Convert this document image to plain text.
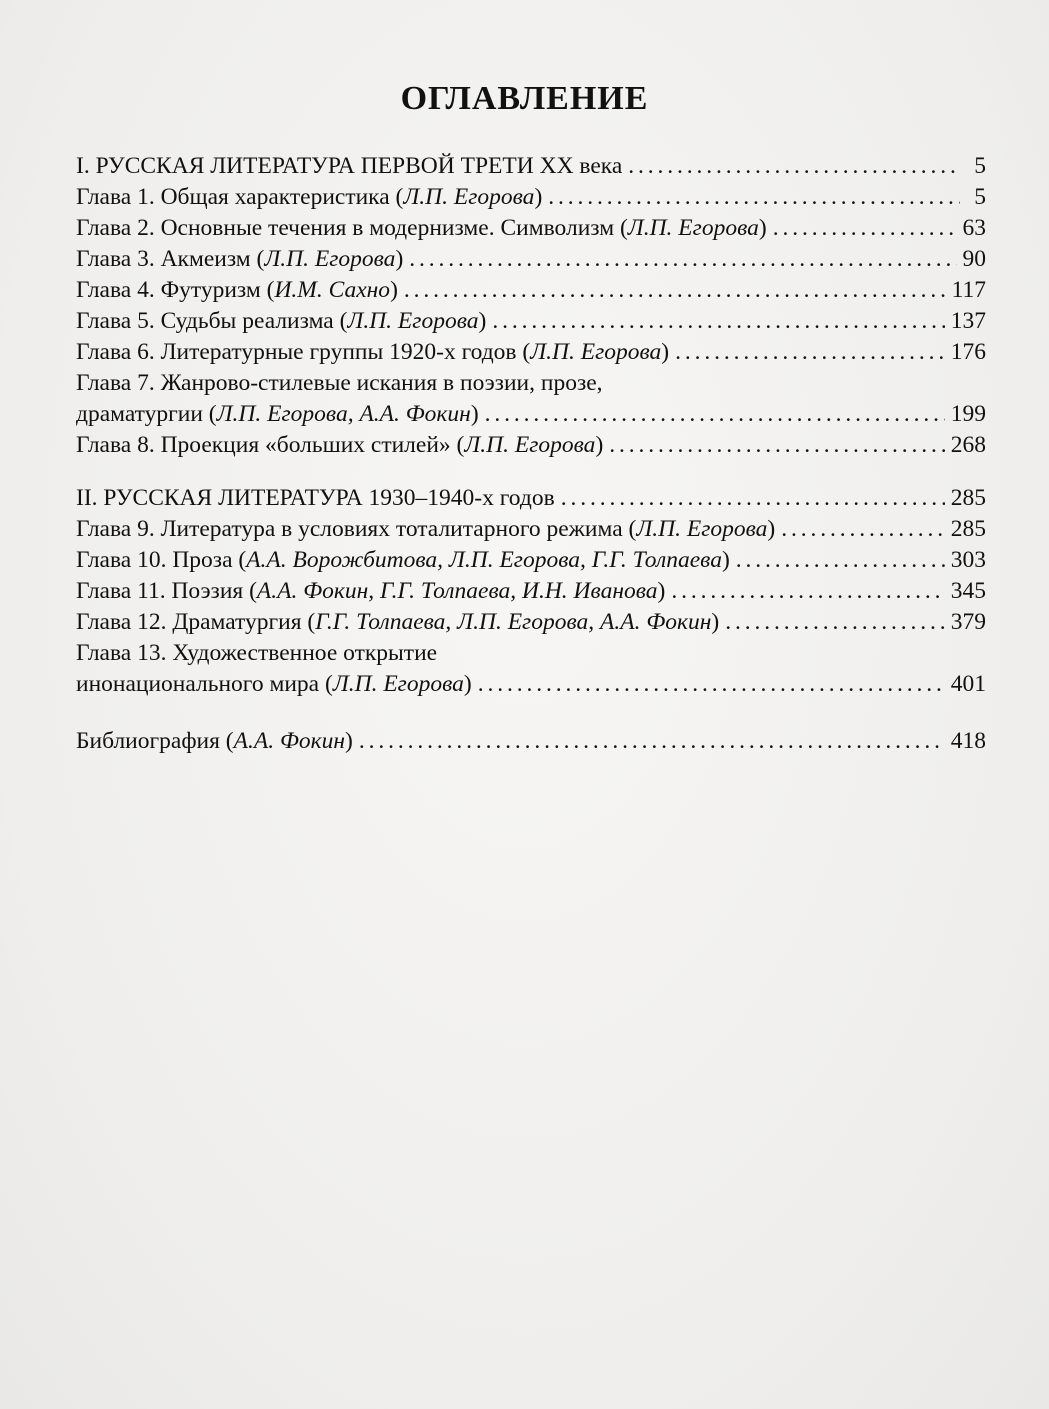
ОГЛАВЛЕНИЕ
I. РУССКАЯ ЛИТЕРАТУРА ПЕРВОЙ ТРЕТИ XX века . . .	5
Глава 1. Общая характеристика (Л.П. Егорова) . . .	5
Глава 2. Основные течения в модернизме. Символизм (Л.П. Егорова) . . .	63
Глава 3. Акмеизм (Л.П. Егорова) . . .	90
Глава 4. Футуризм (И.М. Сахно) . . .	117
Глава 5. Судьбы реализма (Л.П. Егорова) . . .	137
Глава 6. Литературные группы 1920-х годов (Л.П. Егорова) . . .	176
Глава 7. Жанрово-стилевые искания в поэзии, прозе,
драматургии (Л.П. Егорова, А.А. Фокин) . . .	199
Глава 8. Проекция «больших стилей» (Л.П. Егорова) . . .	268
II. РУССКАЯ ЛИТЕРАТУРА 1930–1940-х годов . . .	285
Глава 9. Литература в условиях тоталитарного режима (Л.П. Егорова) . . .	285
Глава 10. Проза (А.А. Ворожбитова, Л.П. Егорова, Г.Г. Толпаева) . . .	303
Глава 11. Поэзия (А.А. Фокин, Г.Г. Толпаева, И.Н. Иванова) . . .	345
Глава 12. Драматургия (Г.Г. Толпаева, Л.П. Егорова, А.А. Фокин) . . .	379
Глава 13. Художественное открытие
инонационального мира (Л.П. Егорова) . . .	401
Библиография (А.А. Фокин) . . .	418
